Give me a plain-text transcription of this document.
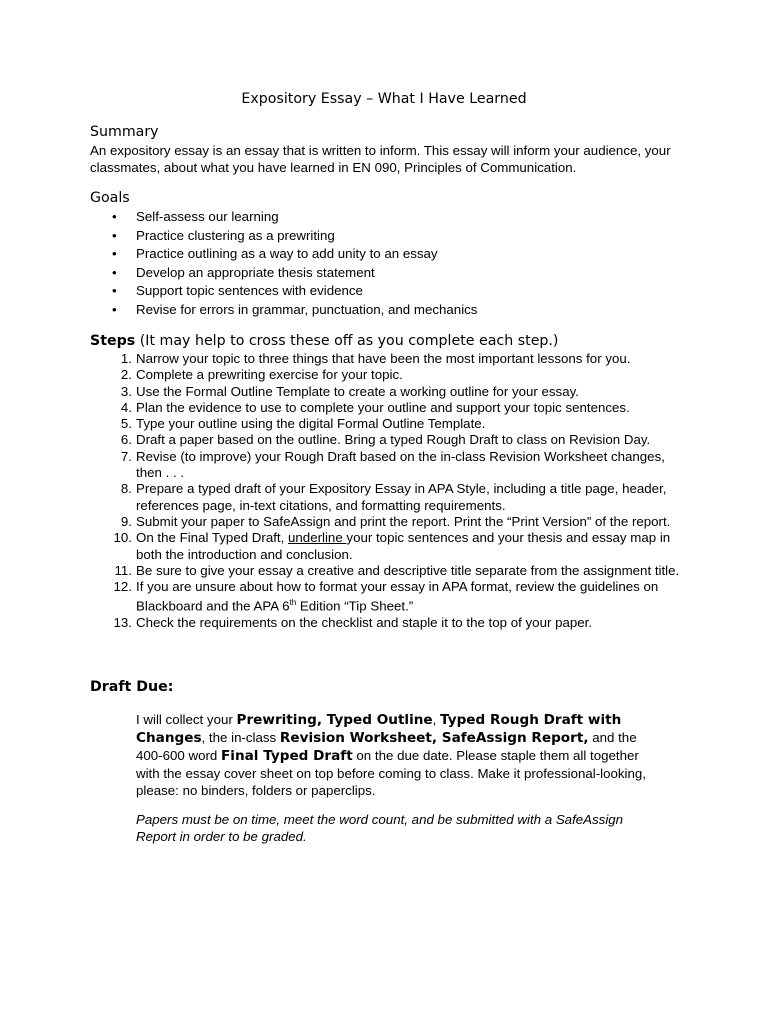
Expository Essay – What I Have Learned
Summary
An expository essay is an essay that is written to inform. This essay will inform your audience, your classmates, about what you have learned in EN 090, Principles of Communication.
Goals
• Self-assess our learning
• Practice clustering as a prewriting
• Practice outlining as a way to add unity to an essay
• Develop an appropriate thesis statement
• Support topic sentences with evidence
• Revise for errors in grammar, punctuation, and mechanics
Steps (It may help to cross these off as you complete each step.)
1. Narrow your topic to three things that have been the most important lessons for you.
2. Complete a prewriting exercise for your topic.
3. Use the Formal Outline Template to create a working outline for your essay.
4. Plan the evidence to use to complete your outline and support your topic sentences.
5. Type your outline using the digital Formal Outline Template.
6. Draft a paper based on the outline. Bring a typed Rough Draft to class on Revision Day.
7. Revise (to improve) your Rough Draft based on the in-class Revision Worksheet changes, then . . .
8. Prepare a typed draft of your Expository Essay in APA Style, including a title page, header, references page, in-text citations, and formatting requirements.
9. Submit your paper to SafeAssign and print the report. Print the “Print Version” of the report.
10. On the Final Typed Draft, underline your topic sentences and your thesis and essay map in both the introduction and conclusion.
11. Be sure to give your essay a creative and descriptive title separate from the assignment title.
12. If you are unsure about how to format your essay in APA format, review the guidelines on Blackboard and the APA 6th Edition “Tip Sheet.”
13. Check the requirements on the checklist and staple it to the top of your paper.
Draft Due:
I will collect your Prewriting, Typed Outline, Typed Rough Draft with Changes, the in-class Revision Worksheet, SafeAssign Report, and the 400-600 word Final Typed Draft on the due date. Please staple them all together with the essay cover sheet on top before coming to class. Make it professional-looking, please: no binders, folders or paperclips.
Papers must be on time, meet the word count, and be submitted with a SafeAssign Report in order to be graded.
